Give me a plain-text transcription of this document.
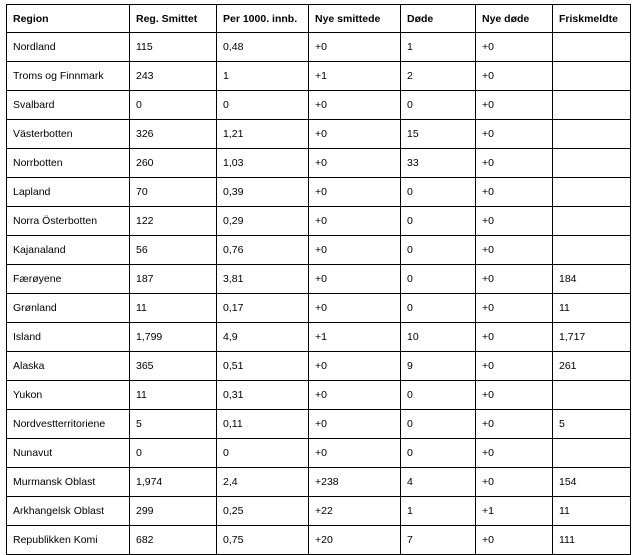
Region	Reg. Smittet	Per 1000. innb.	Nye smittede	Døde	Nye døde	Friskmeldte
Nordland	115	0,48	+0	1	+0	
Troms og Finnmark	243	1	+1	2	+0	
Svalbard	0	0	+0	0	+0	
Västerbotten	326	1,21	+0	15	+0	
Norrbotten	260	1,03	+0	33	+0	
Lapland	70	0,39	+0	0	+0	
Norra Österbotten	122	0,29	+0	0	+0	
Kajanaland	56	0,76	+0	0	+0	
Færøyene	187	3,81	+0	0	+0	184
Grønland	11	0,17	+0	0	+0	11
Island	1,799	4,9	+1	10	+0	1,717
Alaska	365	0,51	+0	9	+0	261
Yukon	11	0,31	+0	0	+0	
Nordvestterritoriene	5	0,11	+0	0	+0	5
Nunavut	0	0	+0	0	+0	
Murmansk Oblast	1,974	2,4	+238	4	+0	154
Arkhangelsk Oblast	299	0,25	+22	1	+1	11
Republikken Komi	682	0,75	+20	7	+0	111
